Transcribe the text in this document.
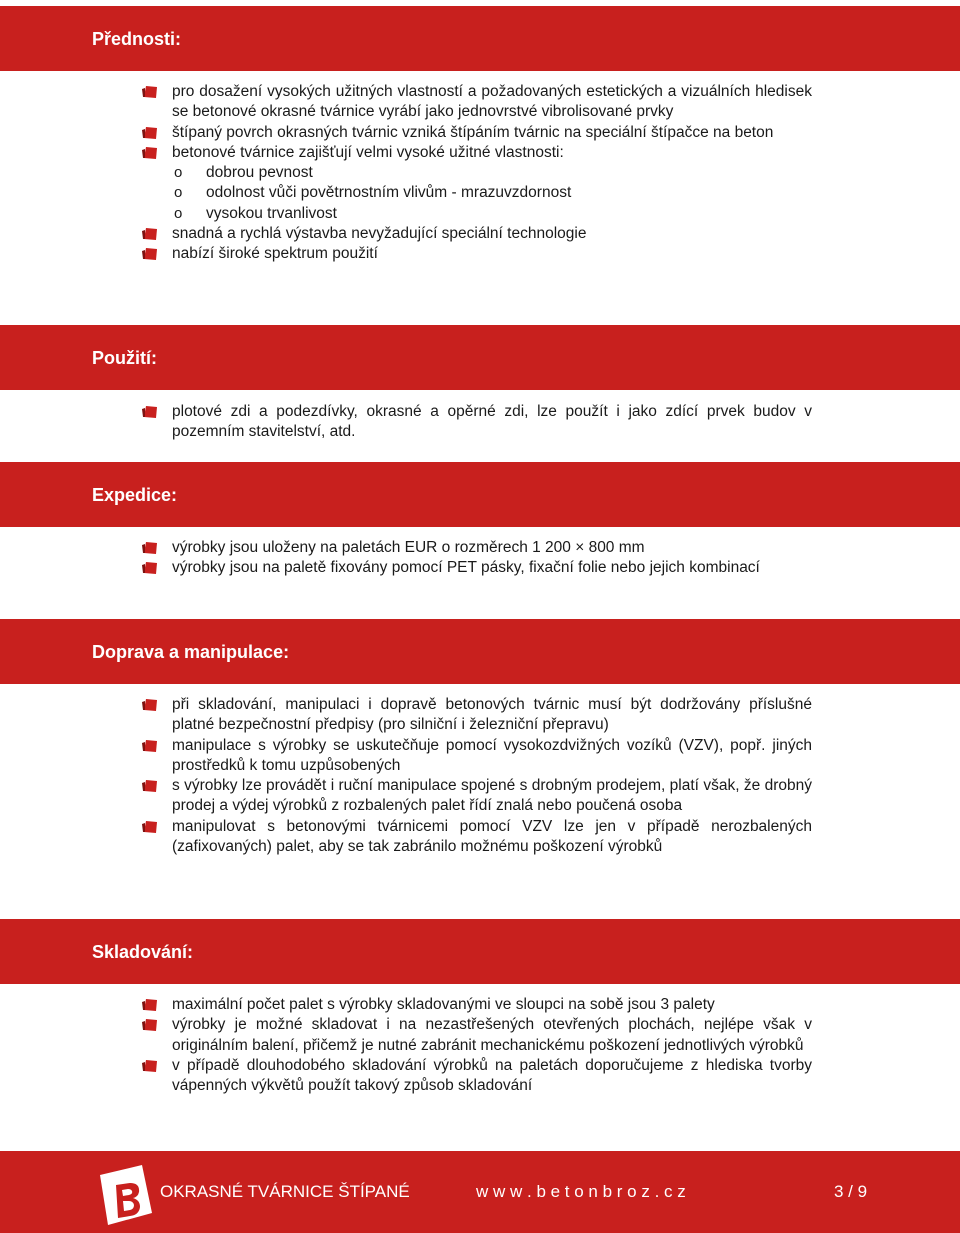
Přednosti:
pro dosažení vysokých užitných vlastností a požadovaných estetických a vizuálních hledisek se betonové okrasné tvárnice vyrábí jako jednovrstvé vibrolisované prvky
štípaný povrch okrasných tvárnic vzniká štípáním tvárnic na speciální štípačce na beton
betonové tvárnice zajišťují velmi vysoké užitné vlastnosti:
o dobrou pevnost
o odolnost vůči povětrnostním vlivům - mrazuvzdornost
o vysokou trvanlivost
snadná a rychlá výstavba nevyžadující speciální technologie
nabízí široké spektrum použití
Použití:
plotové zdi a podezdívky, okrasné a opěrné zdi, lze použít i jako zdící prvek budov v pozemním stavitelství, atd.
Expedice:
výrobky jsou uloženy na paletách EUR o rozměrech 1 200 × 800 mm
výrobky jsou na paletě fixovány pomocí PET pásky, fixační folie nebo jejich kombinací
Doprava a manipulace:
při skladování, manipulaci i dopravě betonových tvárnic musí být dodržovány příslušné platné bezpečnostní předpisy (pro silniční i železniční přepravu)
manipulace s výrobky se uskutečňuje pomocí vysokozdvižných vozíků (VZV), popř. jiných prostředků k tomu uzpůsobených
s výrobky lze provádět i ruční manipulace spojené s drobným prodejem, platí však, že drobný prodej a výdej výrobků z rozbalených palet řídí znalá nebo poučená osoba
manipulovat s betonovými tvárnicemi pomocí VZV lze jen v případě nerozbalených (zafixovaných) palet, aby se tak zabránilo možnému poškození výrobků
Skladování:
maximální počet palet s výrobky skladovanými ve sloupci na sobě jsou 3 palety
výrobky je možné skladovat i na nezastřešených otevřených plochách, nejlépe však v originálním balení, přičemž je nutné zabránit mechanickému poškození jednotlivých výrobků
v případě dlouhodobého skladování výrobků na paletách doporučujeme z hlediska tvorby vápenných výkvětů použít takový způsob skladování
OKRASNÉ TVÁRNICE ŠTÍPANÉ	w w w . b e t o n b r o z . c z	3 / 9
